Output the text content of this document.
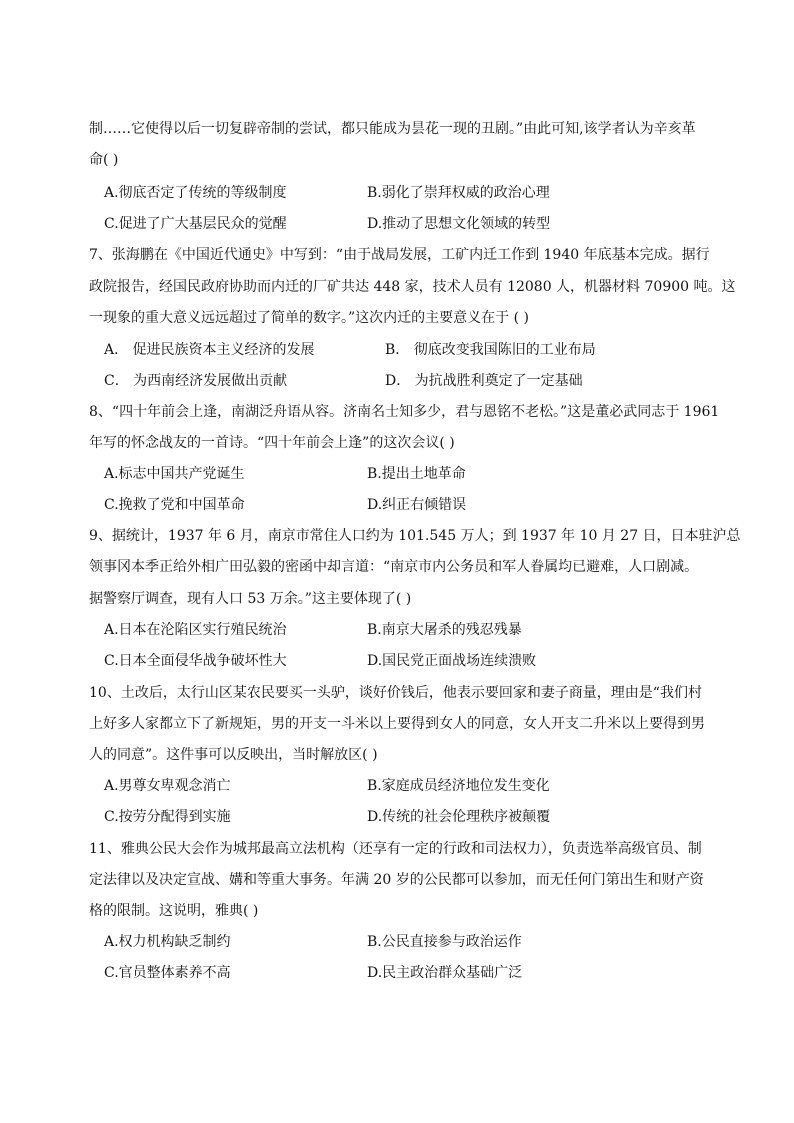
制……它使得以后一切复辟帝制的尝试，都只能成为昙花一现的丑剧。”由此可知,该学者认为辛亥革
命( )
A.彻底否定了传统的等级制度	B.弱化了崇拜权威的政治心理
C.促进了广大基层民众的觉醒	D.推动了思想文化领域的转型
7、张海鹏在《中国近代通史》中写到：“由于战局发展，工矿内迁工作到 1940 年底基本完成。据行
政院报告，经国民政府协助而内迁的厂矿共达 448 家，技术人员有 12080 人，机器材料 70900 吨。这
一现象的重大意义远远超过了简单的数字。”这次内迁的主要意义在于 ( )
A． 促进民族资本主义经济的发展	B． 彻底改变我国陈旧的工业布局
C． 为西南经济发展做出贡献	D． 为抗战胜利奠定了一定基础
8、“四十年前会上逢，南湖泛舟语从容。济南名士知多少，君与恩铭不老松。”这是董必武同志于 1961
年写的怀念战友的一首诗。“四十年前会上逢”的这次会议( )
A.标志中国共产党诞生	B.提出土地革命
C.挽救了党和中国革命	D.纠正右倾错误
9、据统计，1937 年 6 月，南京市常住人口约为 101.545 万人；到 1937 年 10 月 27 日，日本驻沪总
领事冈本季正给外相广田弘毅的密函中却言道：“南京市内公务员和军人眷属均已避难，人口剧减。
据警察厅调查，现有人口 53 万余。”这主要体现了( )
A.日本在沦陷区实行殖民统治	B.南京大屠杀的残忍残暴
C.日本全面侵华战争破坏性大	D.国民党正面战场连续溃败
10、土改后，太行山区某农民要买一头驴，谈好价钱后，他表示要回家和妻子商量，理由是“我们村
上好多人家都立下了新规矩，男的开支一斗米以上要得到女人的同意，女人开支二升米以上要得到男
人的同意”。这件事可以反映出，当时解放区( )
A.男尊女卑观念消亡	B.家庭成员经济地位发生变化
C.按劳分配得到实施	D.传统的社会伦理秩序被颠覆
11、雅典公民大会作为城邦最高立法机构（还享有一定的行政和司法权力），负责选举高级官员、制
定法律以及决定宣战、媾和等重大事务。年满 20 岁的公民都可以参加，而无任何门第出生和财产资
格的限制。这说明，雅典( )
A.权力机构缺乏制约	B.公民直接参与政治运作
C.官员整体素养不高	D.民主政治群众基础广泛
